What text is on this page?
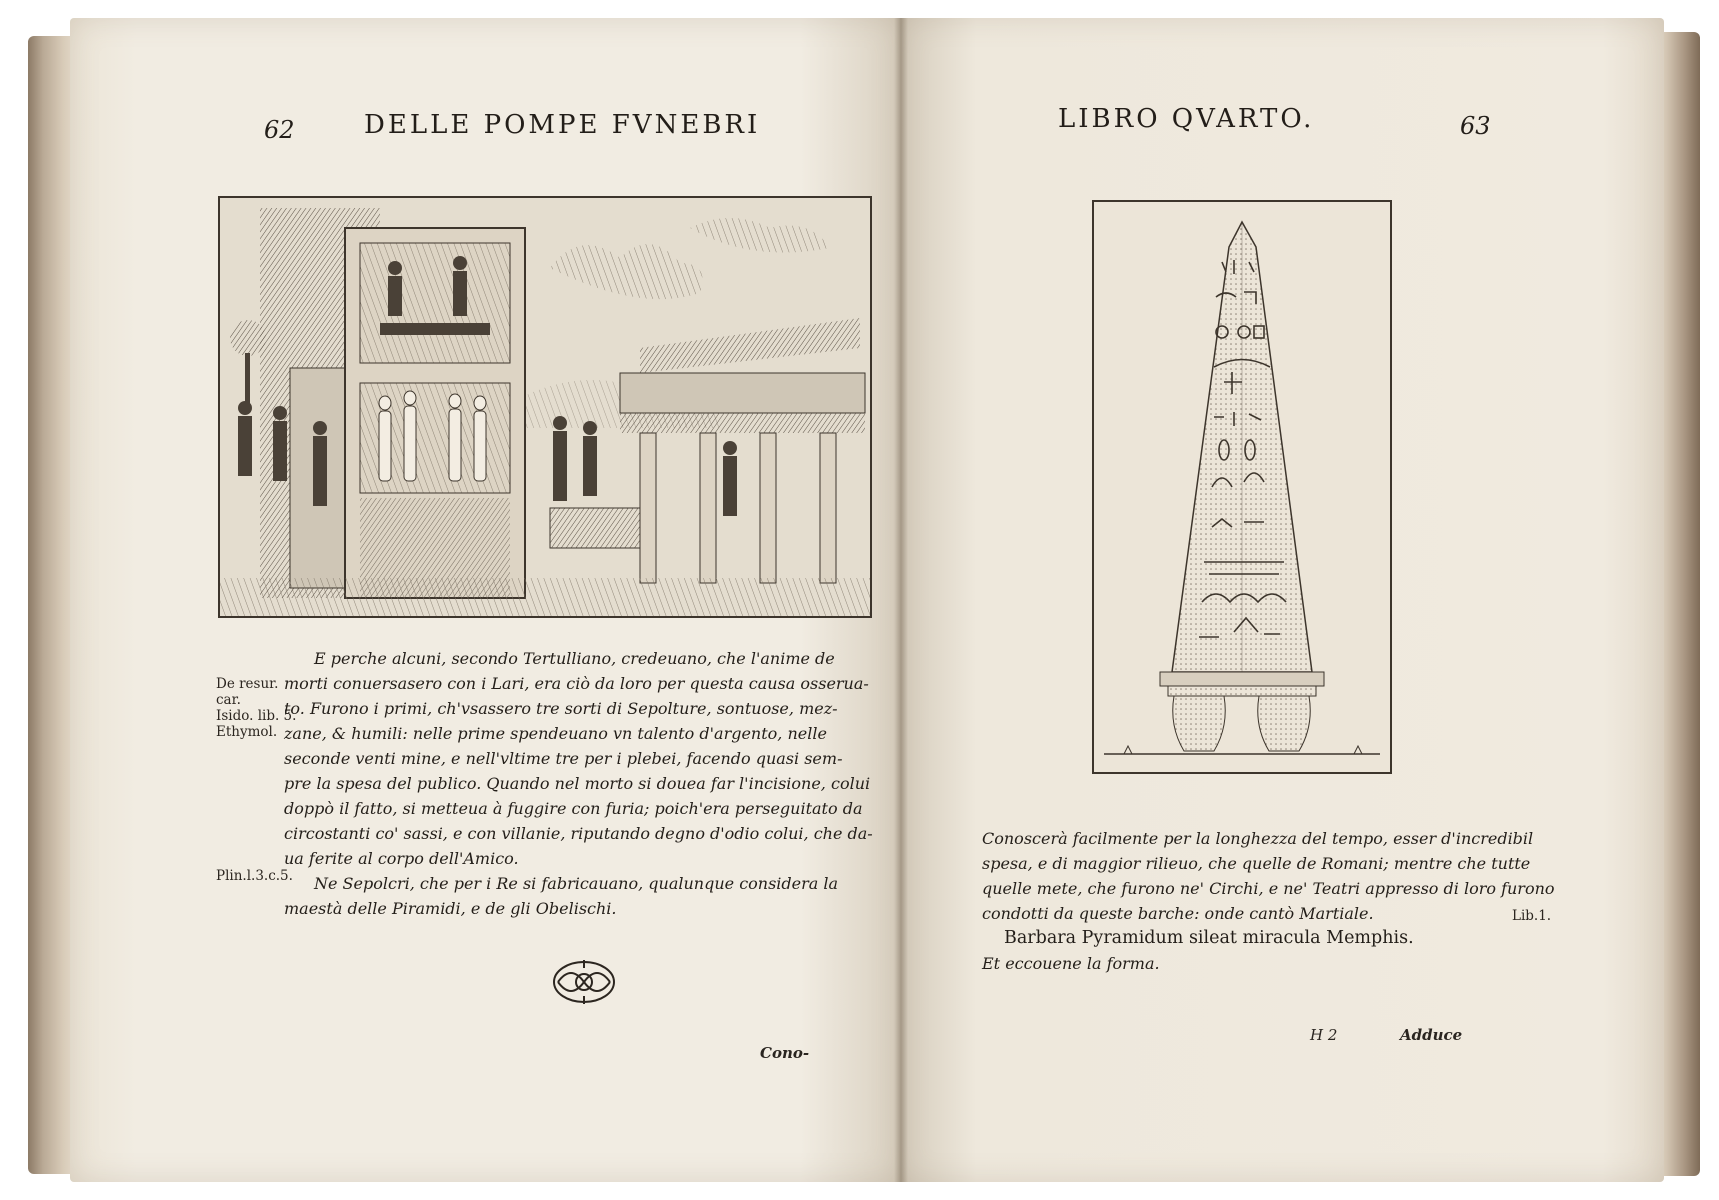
62	DELLE POMPE FVNEBRI	LIBRO QVARTO.	63
De resur.
car.
Isido. lib. 5.
Ethymol.
Plin.l.3.c.5.
E perche alcuni, secondo Tertulliano, credeuano, che l'anime de
morti conuersasero con i Lari, era ciò da loro per questa causa osserua-
to. Furono i primi, ch'vsassero tre sorti di Sepolture, sontuose, mez-
zane, & humili: nelle prime spendeuano vn talento d'argento, nelle
seconde venti mine, e nell'vltime tre per i plebei, facendo quasi sem-
pre la spesa del publico. Quando nel morto si douea far l'incisione, colui
doppò il fatto, si metteua à fuggire con furia; poich'era perseguitato da
circostanti co' sassi, e con villanie, riputando degno d'odio colui, che da-
ua ferite al corpo dell'Amico.
Ne Sepolcri, che per i Re si fabricauano, qualunque considera la
maestà delle Piramidi, e de gli Obelischi.
Cono-
Conoscerà facilmente per la longhezza del tempo, esser d'incredibil
spesa, e di maggior rilieuo, che quelle de Romani; mentre che tutte
quelle mete, che furono ne' Circhi, e ne' Teatri appresso di loro furono
condotti da queste barche: onde cantò Martiale.
Barbara Pyramidum sileat miracula Memphis.
Et eccouene la forma.
Lib.1.
H 2	Adduce
